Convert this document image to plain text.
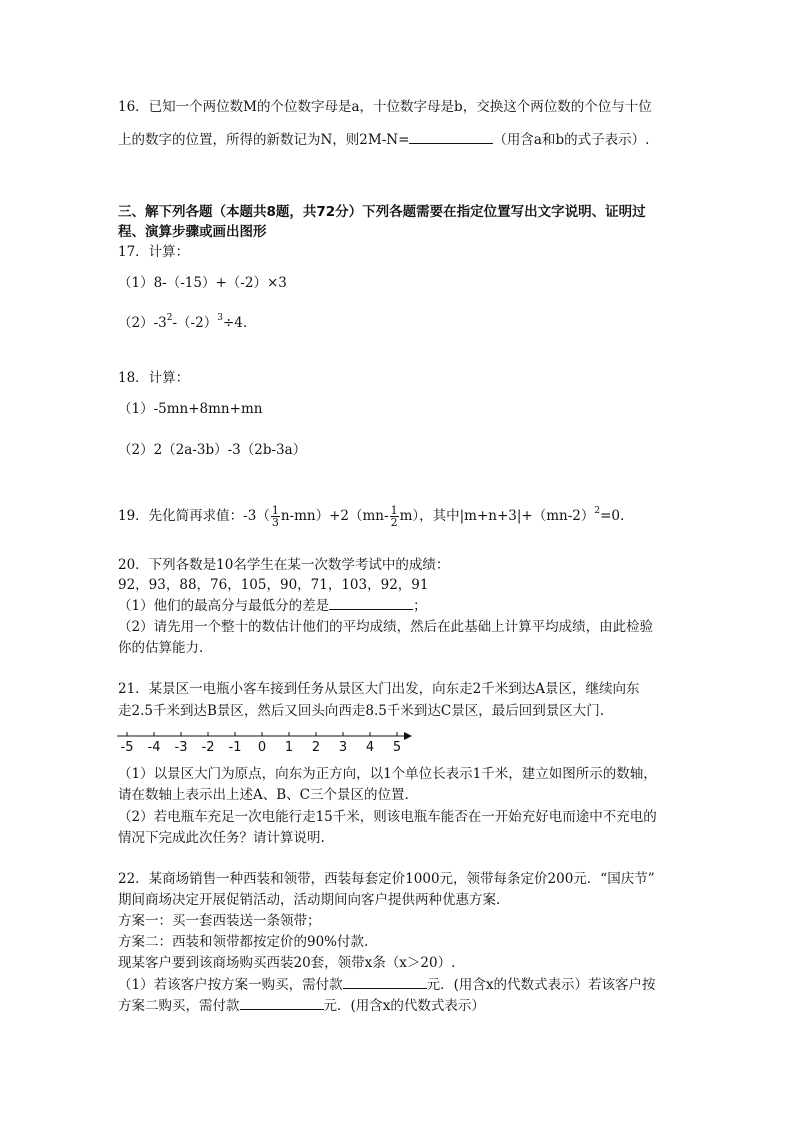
16．已知一个两位数M的个位数字母是a，十位数字母是b，交换这个两位数的个位与十位
上的数字的位置，所得的新数记为N，则2M-N=	（用含a和b的式子表示）.
三、解下列各题（本题共8题，共72分）下列各题需要在指定位置写出文字说明、证明过
程、演算步骤或画出图形
17．计算：
（1）8-（-15）+（-2）×3
$(2)-3^2-(-2)^3\div 4$.
18．计算：
（1）-5mn+8mn+mn
（2）2（2a-3b）-3（2b-3a）
19．先化简再求值：$-3( \frac{1}{3} n-mn)+2(mn- \frac{1}{2} m)$，其中$|m+n+3|+(mn-2)^2=0$.
20．下列各数是10名学生在某一次数学考试中的成绩：
92，93，88，76，105，90，71，103，92，91
（1）他们的最高分与最低分的差是	；
（2）请先用一个整十的数估计他们的平均成绩，然后在此基础上计算平均成绩，由此检验
你的估算能力.
21．某景区一电瓶小客车接到任务从景区大门出发，向东走2千米到达A景区，继续向东
走2.5千米到达B景区，然后又回头向西走8.5千米到达C景区，最后回到景区大门.
-5 -4 -3 -2 -1 0 1 2 3 4 5
（1）以景区大门为原点，向东为正方向，以1个单位长表示1千米，建立如图所示的数轴，
请在数轴上表示出上述A、B、C三个景区的位置.
（2）若电瓶车充足一次电能行走15千米，则该电瓶车能否在一开始充好电而途中不充电的
情况下完成此次任务？请计算说明.
22．某商场销售一种西装和领带，西装每套定价1000元，领带每条定价200元．“国庆节”
期间商场决定开展促销活动，活动期间向客户提供两种优惠方案.
方案一：买一套西装送一条领带；
方案二：西装和领带都按定价的90%付款.
现某客户要到该商场购买西装20套，领带x条（x＞20）.
（1）若该客户按方案一购买，需付款	元．(用含x的代数式表示）若该客户按
方案二购买，需付款	元．(用含x的代数式表示）
